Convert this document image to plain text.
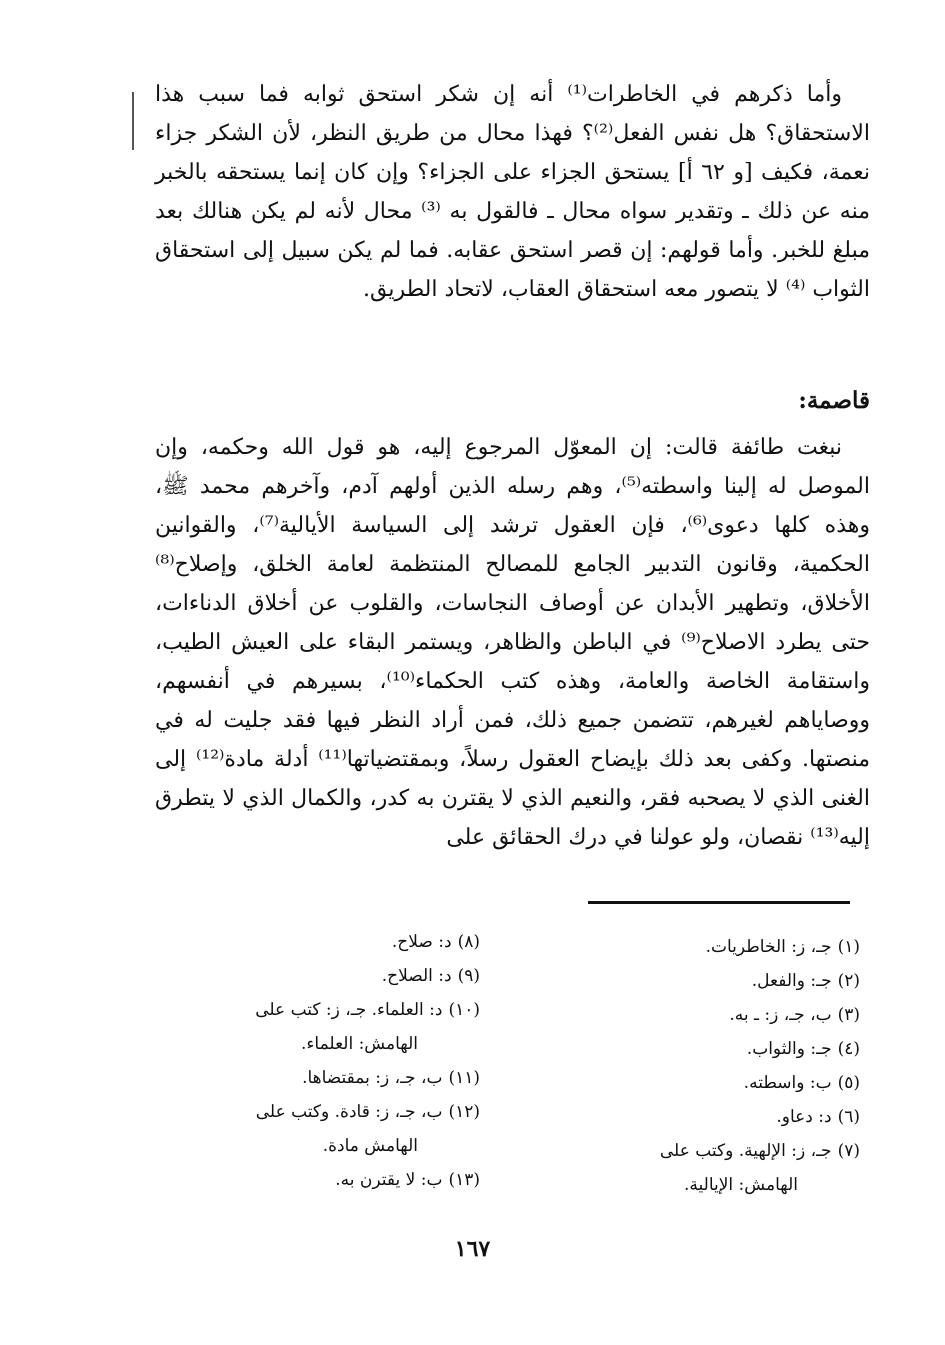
وأما ذكرهم في الخاطرات⁽¹⁾ أنه إن شكر استحق ثوابه فما سبب هذا الاستحقاق؟ هل نفس الفعل⁽²⁾؟ فهذا محال من طريق النظر، لأن الشكر جزاء نعمة، فكيف [و ٦٢ أ] يستحق الجزاء على الجزاء؟ وإن كان إنما يستحقه بالخبر منه عن ذلك ـ وتقدير سواه محال ـ فالقول به ⁽³⁾ محال لأنه لم يكن هنالك بعد مبلغ للخبر. وأما قولهم: إن قصر استحق عقابه. فما لم يكن سبيل إلى استحقاق الثواب ⁽⁴⁾ لا يتصور معه استحقاق العقاب، لاتحاد الطريق.

قاصمة:

نبغت طائفة قالت: إن المعوّل المرجوع إليه، هو قول الله وحكمه، وإن الموصل له إلينا واسطته⁽⁵⁾، وهم رسله الذين أولهم آدم، وآخرهم محمد ﷺ، وهذه كلها دعوى⁽⁶⁾، فإن العقول ترشد إلى السياسة الأيالية⁽⁷⁾، والقوانين الحكمية، وقانون التدبير الجامع للمصالح المنتظمة لعامة الخلق، وإصلاح⁽⁸⁾ الأخلاق، وتطهير الأبدان عن أوصاف النجاسات، والقلوب عن أخلاق الدناءات، حتى يطرد الاصلاح⁽⁹⁾ في الباطن والظاهر، ويستمر البقاء على العيش الطيب، واستقامة الخاصة والعامة، وهذه كتب الحكماء⁽¹⁰⁾، بسيرهم في أنفسهم، ووصاياهم لغيرهم، تتضمن جميع ذلك، فمن أراد النظر فيها فقد جليت له في منصتها. وكفى بعد ذلك بإيضاح العقول رسلاً، وبمقتضياتها⁽¹¹⁾ أدلة مادة⁽¹²⁾ إلى الغنى الذي لا يصحبه فقر، والنعيم الذي لا يقترن به كدر، والكمال الذي لا يتطرق إليه⁽¹³⁾ نقصان، ولو عولنا في درك الحقائق على

(١)جـ، ز: الخاطريات.
(٢)جـ: والفعل.
(٣)ب، جـ، ز: ـ به.
(٤)جـ: والثواب.
(٥)ب: واسطته.
(٦)د: دعاو.
(٧)جـ، ز: الإلهية. وكتب على
الهامش: الإيالية.
(٨)د: صلاح.
(٩)د: الصلاح.
(١٠)د: العلماء. جـ، ز: كتب على
الهامش: العلماء.
(١١)ب، جـ، ز: بمقتضاها.
(١٢)ب، جـ، ز: قادة. وكتب على
الهامش مادة.
(١٣)ب: لا يقترن به.
١٦٧
